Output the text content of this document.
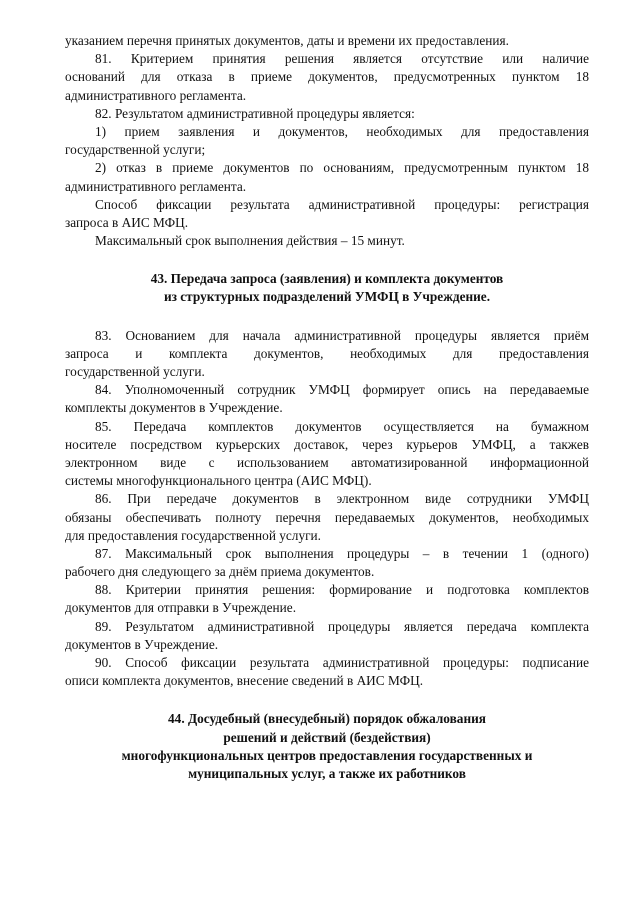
указанием перечня принятых документов, даты и времени их предоставления.
81. Критерием принятия решения является отсутствие или наличие
оснований для отказа в приеме документов, предусмотренных пунктом 18
административного регламента.
82. Результатом административной процедуры является:
1) прием заявления и документов, необходимых для предоставления
государственной услуги;
2) отказ в приеме документов по основаниям, предусмотренным пунктом 18
административного регламента.
Способ фиксации результата административной процедуры: регистрация
запроса в АИС МФЦ.
Максимальный срок выполнения действия – 15 минут.
43. Передача запроса (заявления) и комплекта документов
из структурных подразделений УМФЦ в Учреждение.
83. Основанием для начала административной процедуры является приём
запроса и комплекта документов, необходимых для предоставления
государственной услуги.
84. Уполномоченный сотрудник УМФЦ формирует опись на передаваемые
комплекты документов в Учреждение.
85. Передача комплектов документов осуществляется на бумажном
носителе посредством курьерских доставок, через курьеров УМФЦ, а такжев
электронном виде с использованием автоматизированной информационной
системы многофункционального центра (АИС МФЦ).
86. При передаче документов в электронном виде сотрудники УМФЦ
обязаны обеспечивать полноту перечня передаваемых документов, необходимых
для предоставления государственной услуги.
87. Максимальный срок выполнения процедуры – в течении 1 (одного)
рабочего дня следующего за днём приема документов.
88. Критерии принятия решения: формирование и подготовка комплектов
документов для отправки в Учреждение.
89. Результатом административной процедуры является передача комплекта
документов в Учреждение.
90. Способ фиксации результата административной процедуры: подписание
описи комплекта документов, внесение сведений в АИС МФЦ.
44. Досудебный (внесудебный) порядок обжалования
решений и действий (бездействия)
многофункциональных центров предоставления государственных и
муниципальных услуг, а также их работников
